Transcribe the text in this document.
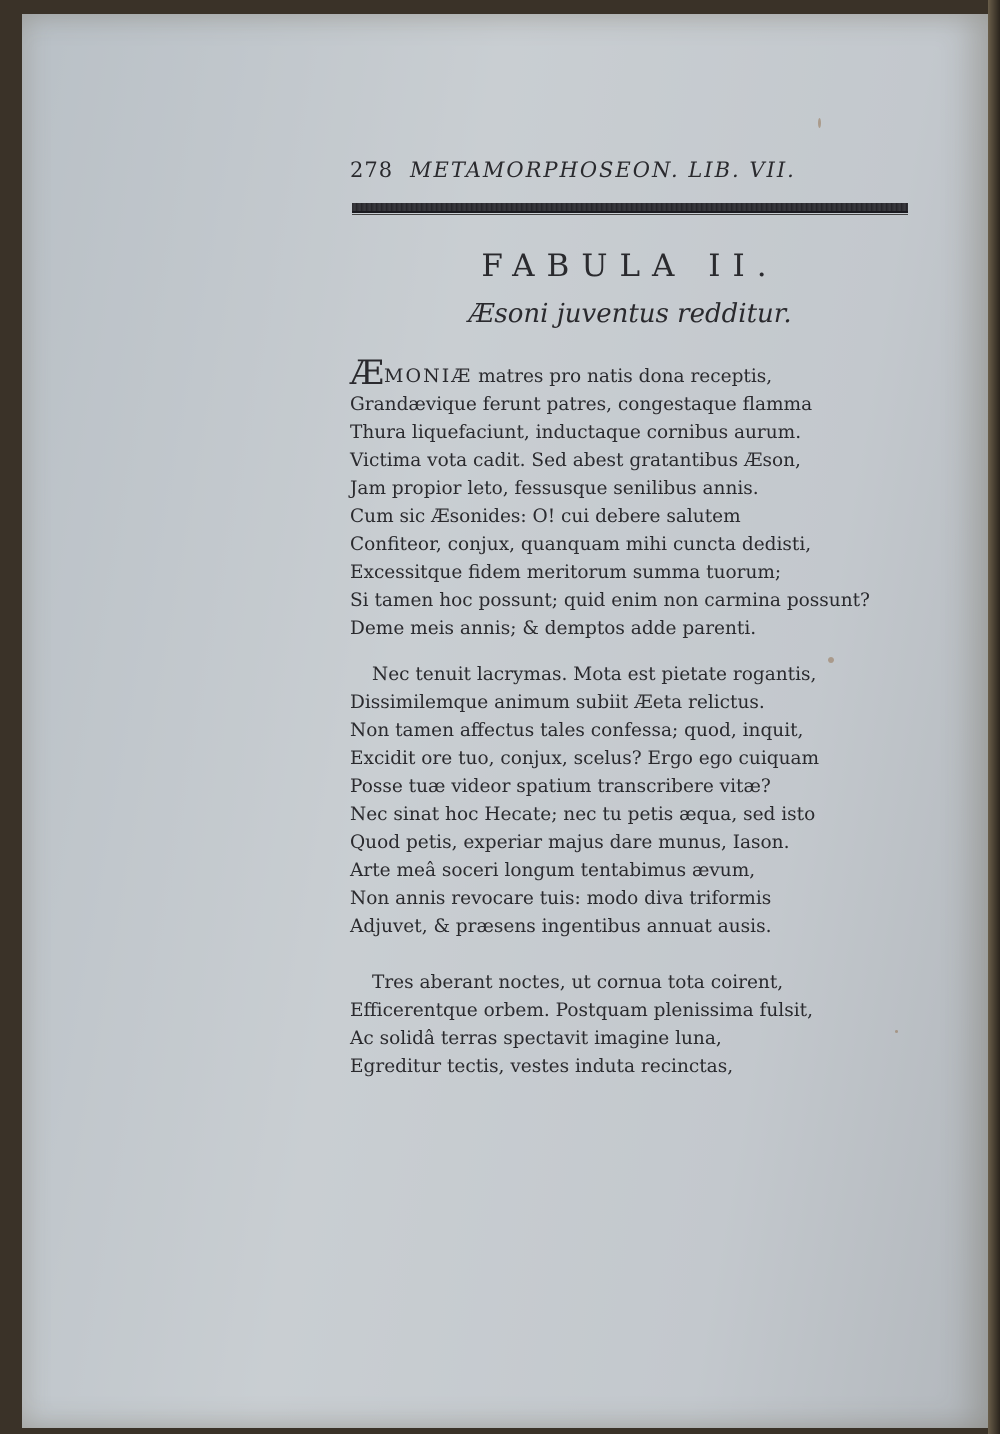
278 METAMORPHOSEON. LIB. VII.
FABULA II.
Æsoni juventus redditur.
ÆMONIÆ matres pro natis dona receptis,
Grandævique ferunt patres, congestaque flamma
Thura liquefaciunt, inductaque cornibus aurum.
Victima vota cadit. Sed abest gratantibus Æson,
Jam propior leto, fessusque senilibus annis.
Cum sic Æsonides: O! cui debere salutem
Confiteor, conjux, quanquam mihi cuncta dedisti,
Excessitque fidem meritorum summa tuorum;
Si tamen hoc possunt; quid enim non carmina possunt?
Deme meis annis; & demptos adde parenti.
Nec tenuit lacrymas. Mota est pietate rogantis,
Dissimilemque animum subiit Æeta relictus.
Non tamen affectus tales confessa; quod, inquit,
Excidit ore tuo, conjux, scelus? Ergo ego cuiquam
Posse tuæ videor spatium transcribere vitæ?
Nec sinat hoc Hecate; nec tu petis æqua, sed isto
Quod petis, experiar majus dare munus, Iason.
Arte meâ soceri longum tentabimus ævum,
Non annis revocare tuis: modo diva triformis
Adjuvet, & præsens ingentibus annuat ausis.
Tres aberant noctes, ut cornua tota coirent,
Efficerentque orbem. Postquam plenissima fulsit,
Ac solidâ terras spectavit imagine luna,
Egreditur tectis, vestes induta recinctas,
